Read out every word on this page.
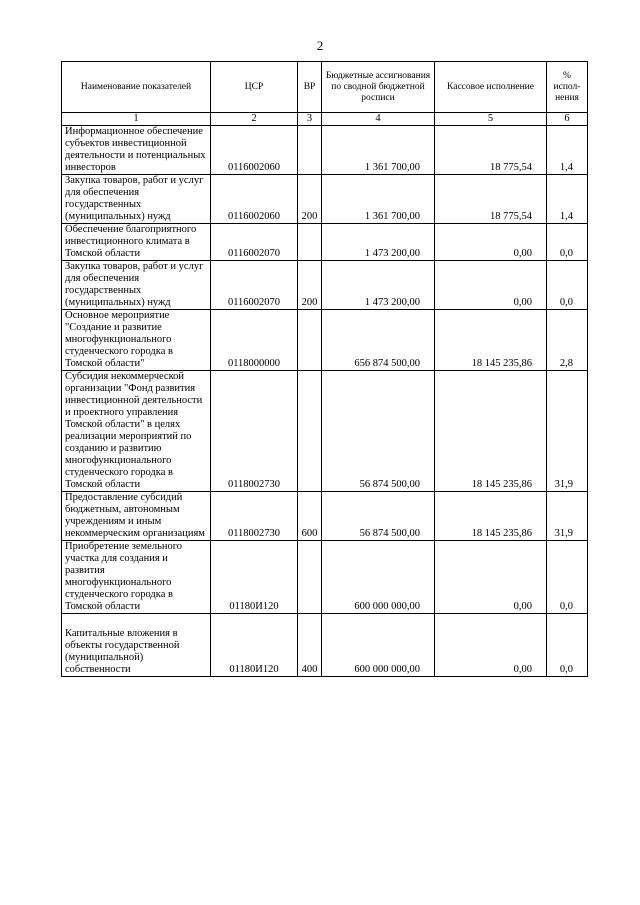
2
Наименование показателей	ЦСР	ВР	Бюджетные ассигнования по сводной бюджетной росписи	Кассовое исполнение	% испол-нения
1	2	3	4	5	6
Информационное обеспечение субъектов инвестиционной деятельности и потенциальных инвесторов	0116002060		1 361 700,00	18 775,54	1,4
Закупка товаров, работ и услуг для обеспечения государственных (муниципальных) нужд	0116002060	200	1 361 700,00	18 775,54	1,4
Обеспечение благоприятного инвестиционного климата в Томской области	0116002070		1 473 200,00	0,00	0,0
Закупка товаров, работ и услуг для обеспечения государственных (муниципальных) нужд	0116002070	200	1 473 200,00	0,00	0,0
Основное мероприятие "Создание и развитие многофункционального студенческого городка в Томской области"	0118000000		656 874 500,00	18 145 235,86	2,8
Субсидия некоммерческой организации "Фонд развития инвестиционной деятельности и проектного управления Томской области" в целях реализации мероприятий по созданию и развитию многофункционального студенческого городка в Томской области	0118002730		56 874 500,00	18 145 235,86	31,9
Предоставление субсидий бюджетным, автономным учреждениям и иным некоммерческим организациям	0118002730	600	56 874 500,00	18 145 235,86	31,9
Приобретение земельного участка для создания и развития многофункционального студенческого городка в Томской области	01180И120		600 000 000,00	0,00	0,0
Капитальные вложения в объекты государственной (муниципальной) собственности	01180И120	400	600 000 000,00	0,00	0,0
